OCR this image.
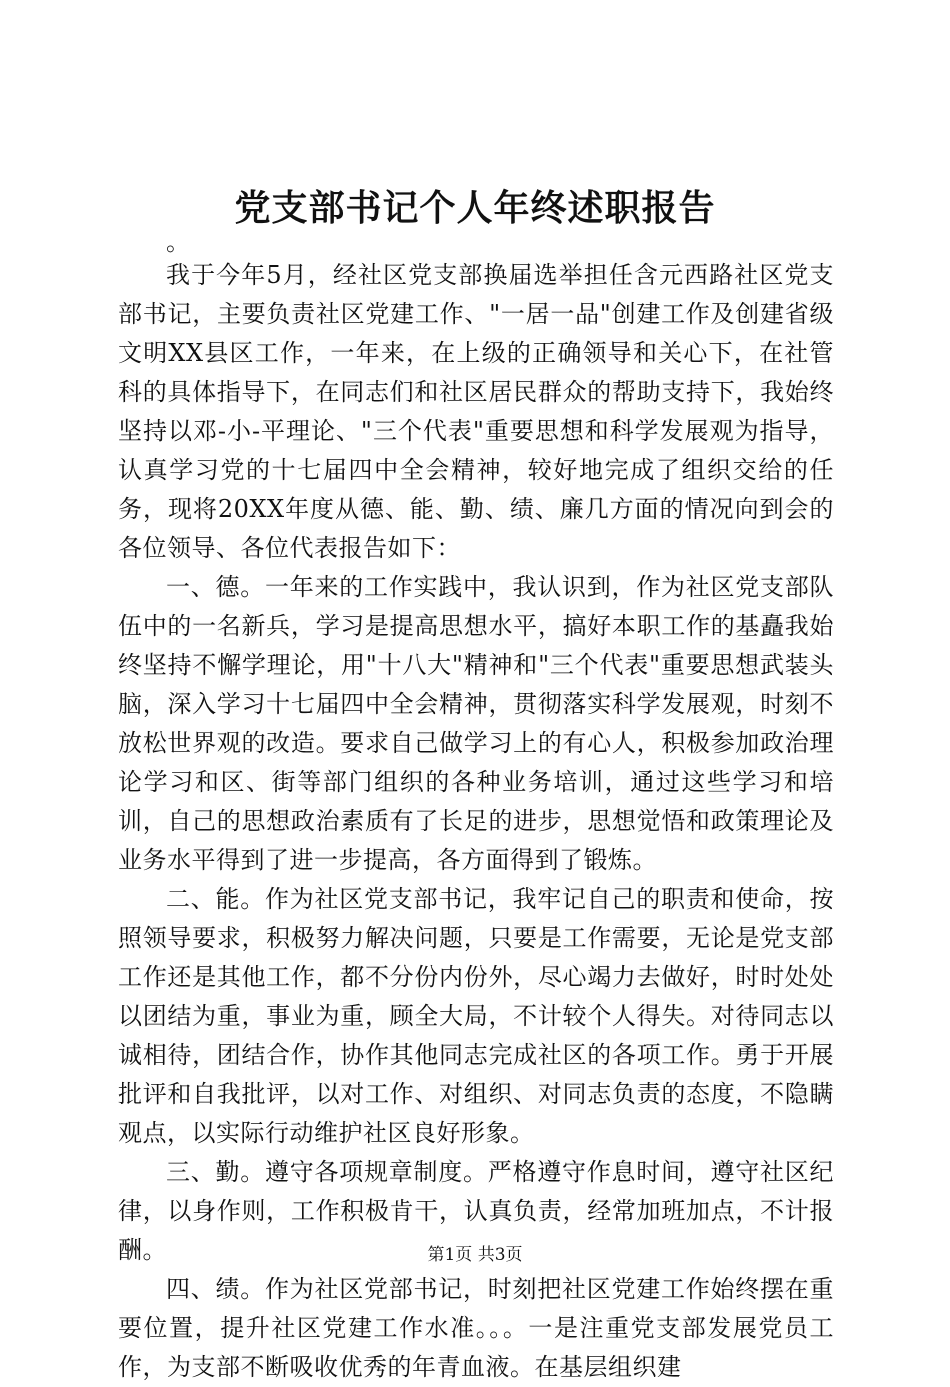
党支部书记个人年终述职报告

。

我于今年5月，经社区党支部换届选举担任含元西路社区党支部书记，主要负责社区党建工作、"一居一品"创建工作及创建省级文明XX县区工作，一年来，在上级的正确领导和关心下，在社管科的具体指导下，在同志们和社区居民群众的帮助支持下，我始终坚持以邓-小-平理论、"三个代表"重要思想和科学发展观为指导，认真学习党的十七届四中全会精神，较好地完成了组织交给的任务，现将20XX年度从德、能、勤、绩、廉几方面的情况向到会的各位领导、各位代表报告如下：

一、德。一年来的工作实践中，我认识到，作为社区党支部队伍中的一名新兵，学习是提高思想水平，搞好本职工作的基矗我始终坚持不懈学理论，用"十八大"精神和"三个代表"重要思想武装头脑，深入学习十七届四中全会精神，贯彻落实科学发展观，时刻不放松世界观的改造。要求自己做学习上的有心人，积极参加政治理论学习和区、街等部门组织的各种业务培训，通过这些学习和培训，自己的思想政治素质有了长足的进步，思想觉悟和政策理论及业务水平得到了进一步提高，各方面得到了锻炼。

二、能。作为社区党支部书记，我牢记自己的职责和使命，按照领导要求，积极努力解决问题，只要是工作需要，无论是党支部工作还是其他工作，都不分份内份外，尽心竭力去做好，时时处处以团结为重，事业为重，顾全大局，不计较个人得失。对待同志以诚相待，团结合作，协作其他同志完成社区的各项工作。勇于开展批评和自我批评，以对工作、对组织、对同志负责的态度，不隐瞒观点，以实际行动维护社区良好形象。

三、勤。遵守各项规章制度。严格遵守作息时间，遵守社区纪律，以身作则，工作积极肯干，认真负责，经常加班加点，不计报酬。

四、绩。作为社区党部书记，时刻把社区党建工作始终摆在重要位置，提升社区党建工作水准。。。一是注重党支部发展党员工作，为支部不断吸收优秀的年青血液。在基层组织建

第1页 共3页
